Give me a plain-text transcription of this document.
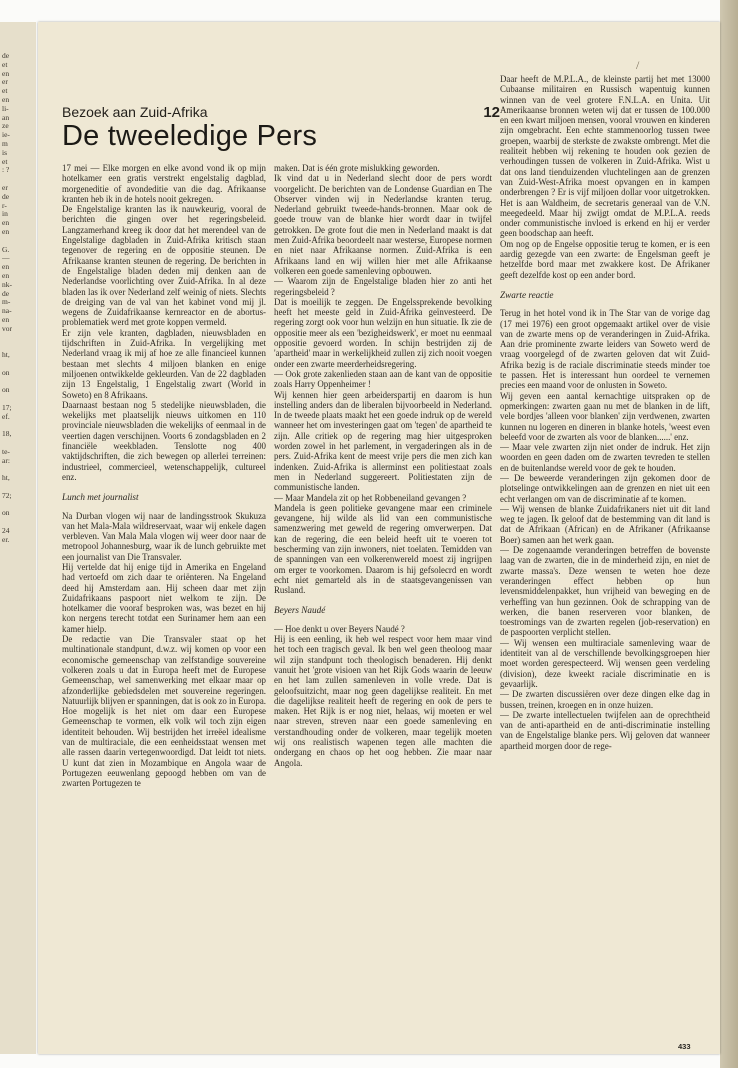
de
et
en
er
et
en
li-
an
ze
ie-
m
is
et
: ?

er
de
r-
in
en
en

G.
—
en
en
nk-
de
m-
na-
en
vor

ht,

on

on

17;
ef.

18,

te-
ar:

ht,

72;

on

24
er.
/
Bezoek aan Zuid-Afrika	12
De tweeledige Pers

17 mei — Elke morgen en elke avond vond ik op mijn hotelkamer een gratis verstrekt engelstalig dagblad, morgeneditie of avondeditie van die dag. Afrikaanse kranten heb ik in de hotels nooit gekregen.

De Engelstalige kranten las ik nauwkeurig, vooral de berichten die gingen over het regeringsbeleid. Langzamerhand kreeg ik door dat het merendeel van de Engelstalige dagbladen in Zuid-Afrika kritisch staan tegenover de regering en de oppositie steunen. De Afrikaanse kranten steunen de regering. De berichten in de Engelstalige bladen deden mij denken aan de Nederlandse voorlichting over Zuid-Afrika. In al deze bladen las ik over Nederland zelf weinig of niets. Slechts de dreiging van de val van het kabinet vond mij jl. wegens de Zuidafrikaanse kernreactor en de abortus-problematiek werd met grote koppen vermeld.

Er zijn vele kranten, dagbladen, nieuwsbladen en tijdschriften in Zuid-Afrika. In vergelijking met Nederland vraag ik mij af hoe ze alle financieel kunnen bestaan met slechts 4 miljoen blanken en enige miljoenen ontwikkelde gekleurden. Van de 22 dagbladen zijn 13 Engelstalig, 1 Engelstalig zwart (World in Soweto) en 8 Afrikaans.

Daarnaast bestaan nog 5 stedelijke nieuwsbladen, die wekelijks met plaatselijk nieuws uitkomen en 110 provinciale nieuwsbladen die wekelijks of eenmaal in de veertien dagen verschijnen. Voorts 6 zondagsbladen en 2 financiële weekbladen. Tenslotte nog 400 vaktijdschriften, die zich bewegen op allerlei terreinen: industrieel, commercieel, wetenschappelijk, cultureel enz.

Lunch met journalist

Na Durban vlogen wij naar de landingsstrook Skukuza van het Mala-Mala wildreservaat, waar wij enkele dagen verbleven. Van Mala Mala vlogen wij weer door naar de metropool Johannesburg, waar ik de lunch gebruikte met een journalist van Die Transvaler.

Hij vertelde dat hij enige tijd in Amerika en Engeland had vertoefd om zich daar te oriënteren. Na Engeland deed hij Amsterdam aan. Hij scheen daar met zijn Zuidafrikaans paspoort niet welkom te zijn. De hotelkamer die vooraf besproken was, was bezet en hij kon nergens terecht totdat een Surinamer hem aan een kamer hielp.

De redactie van Die Transvaler staat op het multinationale standpunt, d.w.z. wij komen op voor een economische gemeenschap van zelfstandige souvereine volkeren zoals u dat in Europa heeft met de Europese Gemeenschap, wel samenwerking met elkaar maar op afzonderlijke gebiedsdelen met souvereine regeringen. Natuurlijk blijven er spanningen, dat is ook zo in Europa. Hoe mogelijk is het niet om daar een Europese Gemeenschap te vormen, elk volk wil toch zijn eigen identiteit behouden. Wij bestrijden het irreëel idealisme van de multiraciale, die een eenheidsstaat wensen met alle rassen daarin vertegenwoordigd. Dat leidt tot niets. U kunt dat zien in Mozambique en Angola waar de Portugezen eeuwenlang gepoogd hebben om van de zwarten Portugezen te

maken. Dat is één grote mislukking geworden.

Ik vind dat u in Nederland slecht door de pers wordt voorgelicht. De berichten van de Londense Guardian en The Observer vinden wij in Nederlandse kranten terug. Nederland gebruikt tweede-hands-bronnen. Maar ook de goede trouw van de blanke hier wordt daar in twijfel getrokken. De grote fout die men in Nederland maakt is dat men Zuid-Afrika beoordeelt naar westerse, Europese normen en niet naar Afrikaanse normen. Zuid-Afrika is een Afrikaans land en wij willen hier met alle Afrikaanse volkeren een goede samenleving opbouwen.

— Waarom zijn de Engelstalige bladen hier zo anti het regeringsbeleid ?

Dat is moeilijk te zeggen. De Engelssprekende bevolking heeft het meeste geld in Zuid-Afrika geïnvesteerd. De regering zorgt ook voor hun welzijn en hun situatie. Ik zie de oppositie meer als een 'bezigheidswerk', er moet nu eenmaal oppositie gevoerd worden. In schijn bestrijden zij de 'apartheid' maar in werkelijkheid zullen zij zich nooit voegen onder een zwarte meerderheidsregering.

— Ook grote zakenlieden staan aan de kant van de oppositie zoals Harry Oppenheimer !

Wij kennen hier geen arbeiderspartij en daarom is hun instelling anders dan de liberalen bijvoorbeeld in Nederland. In de tweede plaats maakt het een goede indruk op de wereld wanneer het om investeringen gaat om 'tegen' de apartheid te zijn. Alle critiek op de regering mag hier uitgesproken worden zowel in het parlement, in vergaderingen als in de pers. Zuid-Afrika kent de meest vrije pers die men zich kan indenken. Zuid-Afrika is allerminst een politiestaat zoals men in Nederland suggereert. Politiestaten zijn de communistische landen.

— Maar Mandela zit op het Robbeneiland gevangen ?

Mandela is geen politieke gevangene maar een criminele gevangene, hij wilde als lid van een communistische samenzwering met geweld de regering omverwerpen. Dat kan de regering, die een beleid heeft uit te voeren tot bescherming van zijn inwoners, niet toelaten. Temidden van de spanningen van een volkerenwereld moest zij ingrijpen om erger te voorkomen. Daarom is hij gefsolecrd en wordt echt niet gemarteld als in de staatsgevangenissen van Rusland.

Beyers Naudé

— Hoe denkt u over Beyers Naudé ?

Hij is een eenling, ik heb wel respect voor hem maar vind het toch een tragisch geval. Ik ben wel geen theoloog maar wil zijn standpunt toch theologisch benaderen. Hij denkt vanuit het 'grote visioen van het Rijk Gods waarin de leeuw en het lam zullen samenleven in volle vrede. Dat is geloofsuitzicht, maar nog geen dagelijkse realiteit. En met die dagelijkse realiteit heeft de regering en ook de pers te maken. Het Rijk is er nog niet, helaas, wij moeten er wel naar streven, streven naar een goede samenleving en verstandhouding onder de volkeren, maar tegelijk moeten wij ons realistisch wapenen tegen alle machten die ondergang en chaos op het oog hebben. Zie maar naar Angola.

Daar heeft de M.P.L.A., de kleinste partij het met 13000 Cubaanse militairen en Russisch wapentuig kunnen winnen van de veel grotere F.N.L.A. en Unita. Uit Amerikaanse bronnen weten wij dat er tussen de 100.000 en een kwart miljoen mensen, vooral vrouwen en kinderen zijn omgebracht. Een echte stammenoorlog tussen twee groepen, waarbij de sterkste de zwakste ombrengt. Met die realiteit hebben wij rekening te houden ook gezien de verhoudingen tussen de volkeren in Zuid-Afrika. Wist u dat ons land tienduizenden vluchtelingen aan de grenzen van Zuid-West-Afrika moest opvangen en in kampen onderbrengen ? Er is vijf miljoen dollar voor uitgetrokken. Het is aan Waldheim, de secretaris generaal van de V.N. meegedeeld. Maar hij zwijgt omdat de M.P.L.A. reeds onder communistische invloed is erkend en hij er verder geen boodschap aan heeft.

Om nog op de Engelse oppositie terug te komen, er is een aardig gezegde van een zwarte: de Engelsman geeft je hetzelfde bord maar met zwakkere kost. De Afrikaner geeft dezelfde kost op een ander bord.

Zwarte reactie

Terug in het hotel vond ik in The Star van de vorige dag (17 mei 1976) een groot opgemaakt artikel over de visie van de zwarte mens op de veranderingen in Zuid-Afrika. Aan drie prominente zwarte leiders van Soweto werd de vraag voorgelegd of de zwarten geloven dat wit Zuid-Afrika bezig is de raciale discriminatie steeds minder toe te passen. Het is interessant hun oordeel te vernemen precies een maand voor de onlusten in Soweto.

Wij geven een aantal kernachtige uitspraken op de opmerkingen: zwarten gaan nu met de blanken in de lift, vele bordjes 'alleen voor blanken' zijn verdwenen, zwarten kunnen nu logeren en dineren in blanke hotels, 'weest even beleefd voor de zwarten als voor de blanken......' enz.

— Maar vele zwarten zijn niet onder de indruk. Het zijn woorden en geen daden om de zwarten tevreden te stellen en de buitenlandse wereld voor de gek te houden.

— De beweerde veranderingen zijn gekomen door de plotselinge ontwikkelingen aan de grenzen en niet uit een echt verlangen om van de discriminatie af te komen.

— Wij wensen de blanke Zuidafrikaners niet uit dit land weg te jagen. Ik geloof dat de bestemming van dit land is dat de Afrikaan (African) en de Afrikaner (Afrikaanse Boer) samen aan het werk gaan.

— De zogenaamde veranderingen betreffen de bovenste laag van de zwarten, die in de minderheid zijn, en niet de zwarte massa's. Deze wensen te weten hoe deze veranderingen effect hebben op hun levensmiddelenpakket, hun vrijheid van beweging en de verheffing van hun gezinnen. Ook de schrapping van de werken, die banen reserveren voor blanken, de toestromings van de zwarten regelen (job-reservation) en de paspoorten verplicht stellen.

— Wij wensen een multiraciale samenleving waar de identiteit van al de verschillende bevolkingsgroepen hier moet worden gerespecteerd. Wij wensen geen verdeling (division), deze kweekt raciale discriminatie en is gevaarlijk.

— De zwarten discussiëren over deze dingen elke dag in bussen, treinen, kroegen en in onze huizen.

— De zwarte intellectuelen twijfelen aan de oprechtheid van de anti-apartheid en de anti-discriminatie instelling van de Engelstalige blanke pers. Wij geloven dat wanneer apartheid morgen door de rege-

433
